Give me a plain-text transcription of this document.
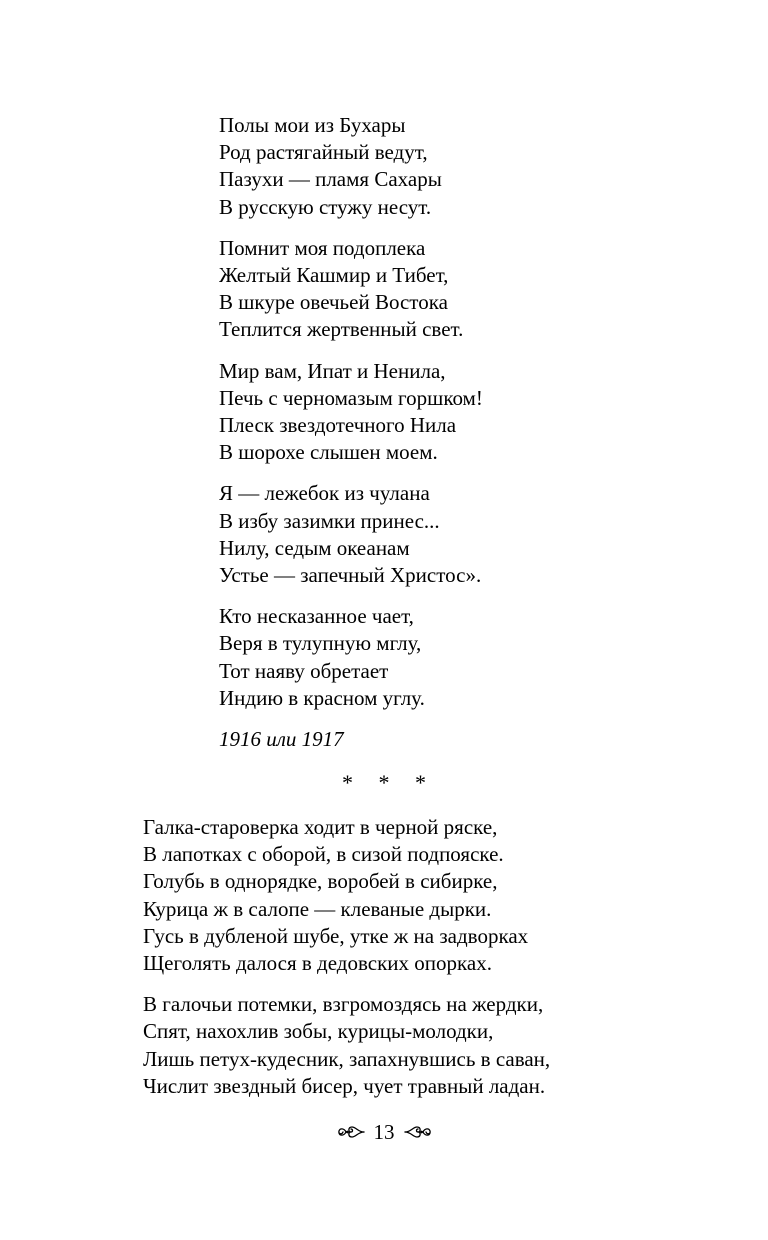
Полы мои из Бухары
Род растягайный ведут,
Пазухи — пламя Сахары
В русскую стужу несут.
Помнит моя подоплека
Желтый Кашмир и Тибет,
В шкуре овечьей Востока
Теплится жертвенный свет.
Мир вам, Ипат и Ненила,
Печь с черномазым горшком!
Плеск звездотечного Нила
В шорохе слышен моем.
Я — лежебок из чулана
В избу зазимки принес...
Нилу, седым океанам
Устье — запечный Христос».
Кто несказанное чает,
Веря в тулупную мглу,
Тот наяву обретает
Индию в красном углу.
1916 или 1917
* * *
Галка-староверка ходит в черной ряске,
В лапотках с оборой, в сизой подпояске.
Голубь в однорядке, воробей в сибирке,
Курица ж в салопе — клеваные дырки.
Гусь в дубленой шубе, утке ж на задворках
Щеголять далося в дедовских опорках.
В галочьи потемки, взгромоздясь на жердки,
Спят, нахохлив зобы, курицы-молодки,
Лишь петух-кудесник, запахнувшись в саван,
Числит звездный бисер, чует травный ладан.
13
